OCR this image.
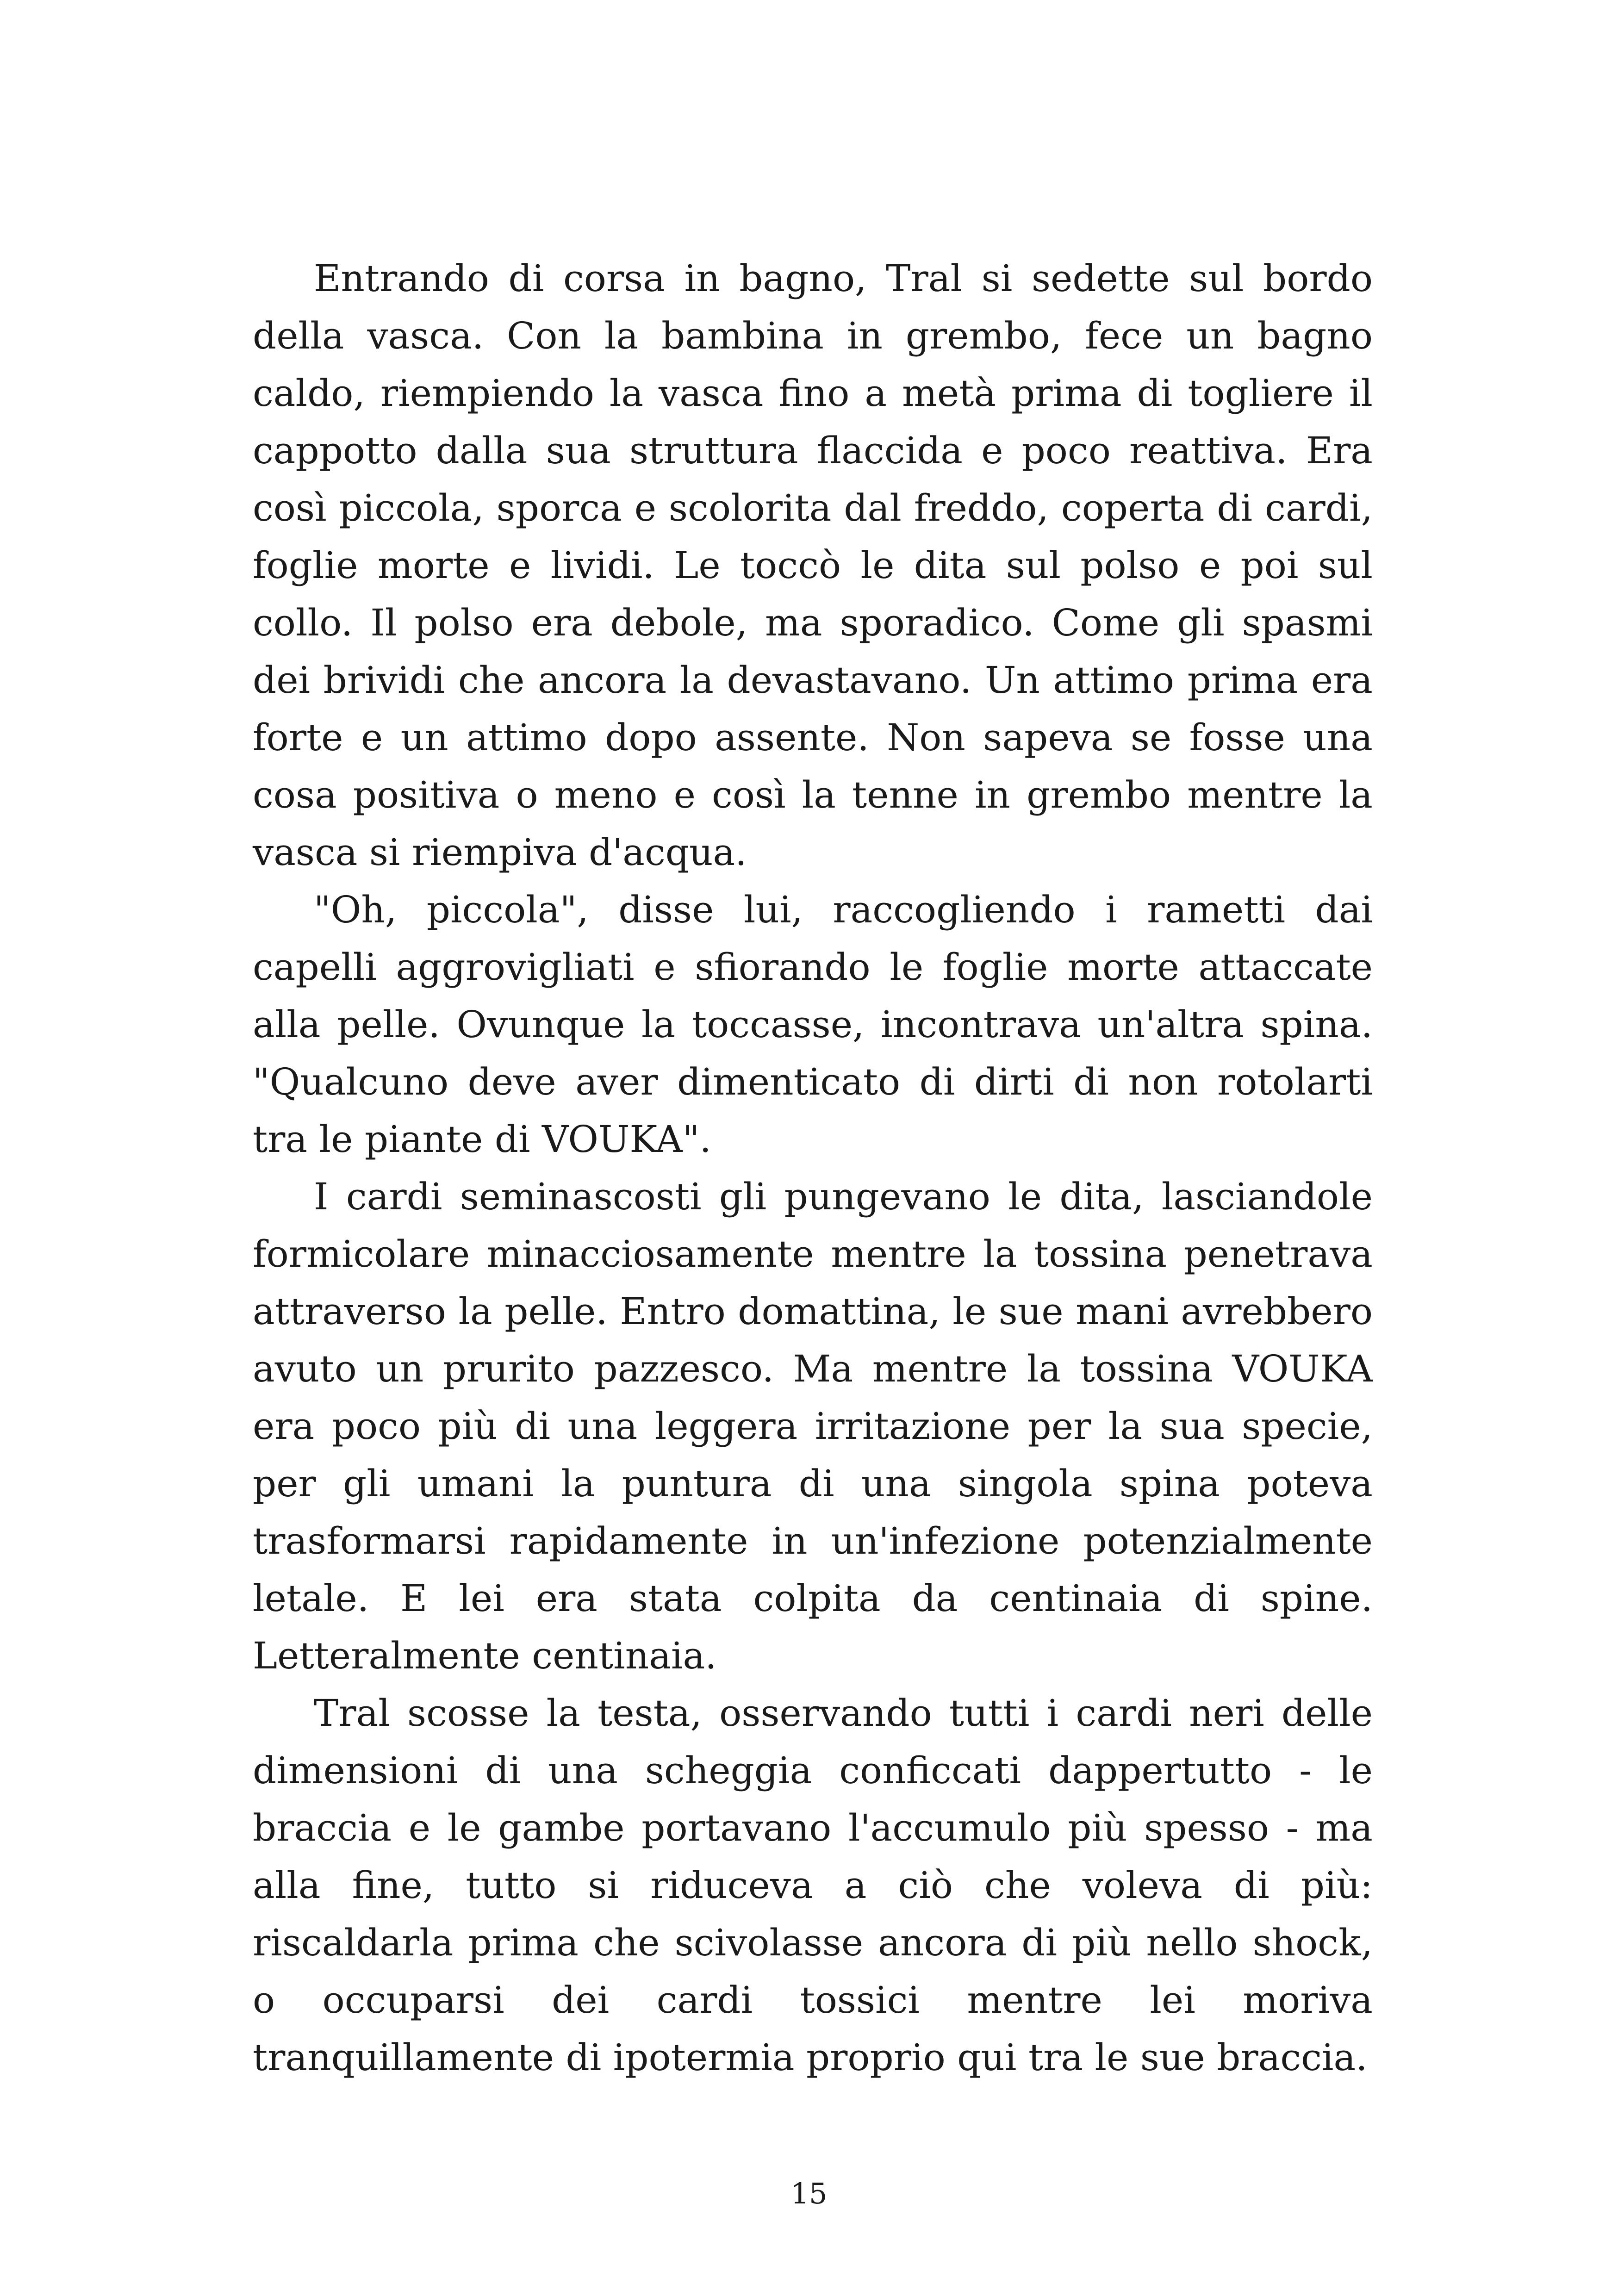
Entrando di corsa in bagno, Tral si sedette sul bordo della vasca. Con la bambina in grembo, fece un bagno caldo, riempiendo la vasca fino a metà prima di togliere il cappotto dalla sua struttura flaccida e poco reattiva. Era così piccola, sporca e scolorita dal freddo, coperta di cardi, foglie morte e lividi. Le toccò le dita sul polso e poi sul collo. Il polso era debole, ma sporadico. Come gli spasmi dei brividi che ancora la devastavano. Un attimo prima era forte e un attimo dopo assente. Non sapeva se fosse una cosa positiva o meno e così la tenne in grembo mentre la vasca si riempiva d'acqua.

"Oh, piccola", disse lui, raccogliendo i rametti dai capelli aggrovigliati e sfiorando le foglie morte attaccate alla pelle. Ovunque la toccasse, incontrava un'altra spina. "Qualcuno deve aver dimenticato di dirti di non rotolarti tra le piante di VOUKA".

I cardi seminascosti gli pungevano le dita, lasciandole formicolare minacciosamente mentre la tossina penetrava attraverso la pelle. Entro domattina, le sue mani avrebbero avuto un prurito pazzesco. Ma mentre la tossina VOUKA era poco più di una leggera irritazione per la sua specie, per gli umani la puntura di una singola spina poteva trasformarsi rapidamente in un'infezione potenzialmente letale. E lei era stata colpita da centinaia di spine. Letteralmente centinaia.

Tral scosse la testa, osservando tutti i cardi neri delle dimensioni di una scheggia conficcati dappertutto - le braccia e le gambe portavano l'accumulo più spesso - ma alla fine, tutto si riduceva a ciò che voleva di più: riscaldarla prima che scivolasse ancora di più nello shock, o occuparsi dei cardi tossici mentre lei moriva tranquillamente di ipotermia proprio qui tra le sue braccia.

15
